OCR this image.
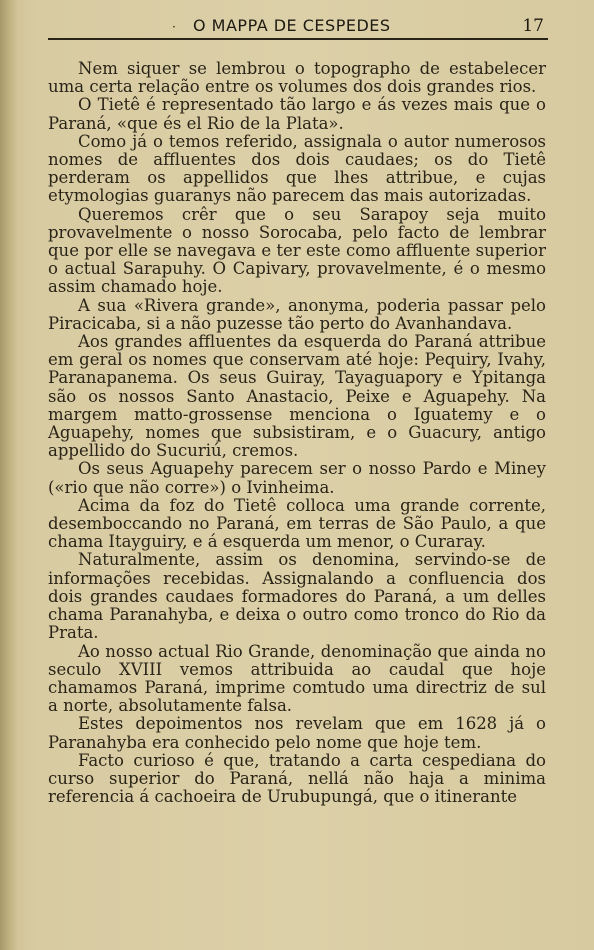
· O MAPPA DE CESPEDES	17

Nem siquer se lembrou o topographo de estabelecer uma certa relação entre os volumes dos dois grandes rios.

O Tietê é representado tão largo e ás vezes mais que o Paraná, «que és el Rio de la Plata».

Como já o temos referido, assignala o autor numerosos nomes de affluentes dos dois caudaes; os do Tietê perderam os appellidos que lhes attribue, e cujas etymologias guaranys não parecem das mais autorizadas.

Queremos crêr que o seu Sarapoy seja muito provavelmente o nosso Sorocaba, pelo facto de lembrar que por elle se navegava e ter este como affluente superior o actual Sarapuhy. O Capivary, provavelmente, é o mesmo assim chamado hoje.

A sua «Rivera grande», anonyma, poderia passar pelo Piracicaba, si a não puzesse tão perto do Avanhandava.

Aos grandes affluentes da esquerda do Paraná attribue em geral os nomes que conservam até hoje: Pequiry, Ivahy, Paranapanema. Os seus Guiray, Tayaguapory e Ypitanga são os nossos Santo Anastacio, Peixe e Aguapehy. Na margem matto-grossense menciona o Iguatemy e o Aguapehy, nomes que subsistiram, e o Guacury, antigo appellido do Sucuriú, cremos.

Os seus Aguapehy parecem ser o nosso Pardo e Miney («rio que não corre») o Ivinheima.

Acima da foz do Tietê colloca uma grande corrente, desemboccando no Paraná, em terras de São Paulo, a que chama Itayguiry, e á esquerda um menor, o Curaray.

Naturalmente, assim os denomina, servindo-se de informações recebidas. Assignalando a confluencia dos dois grandes caudaes formadores do Paraná, a um delles chama Paranahyba, e deixa o outro como tronco do Rio da Prata.

Ao nosso actual Rio Grande, denominação que ainda no seculo XVIII vemos attribuida ao caudal que hoje chamamos Paraná, imprime comtudo uma directriz de sul a norte, absolutamente falsa.

Estes depoimentos nos revelam que em 1628 já o Paranahyba era conhecido pelo nome que hoje tem.

Facto curioso é que, tratando a carta cespediana do curso superior do Paraná, nellá não haja a minima referencia á cachoeira de Urubupungá, que o itinerante
